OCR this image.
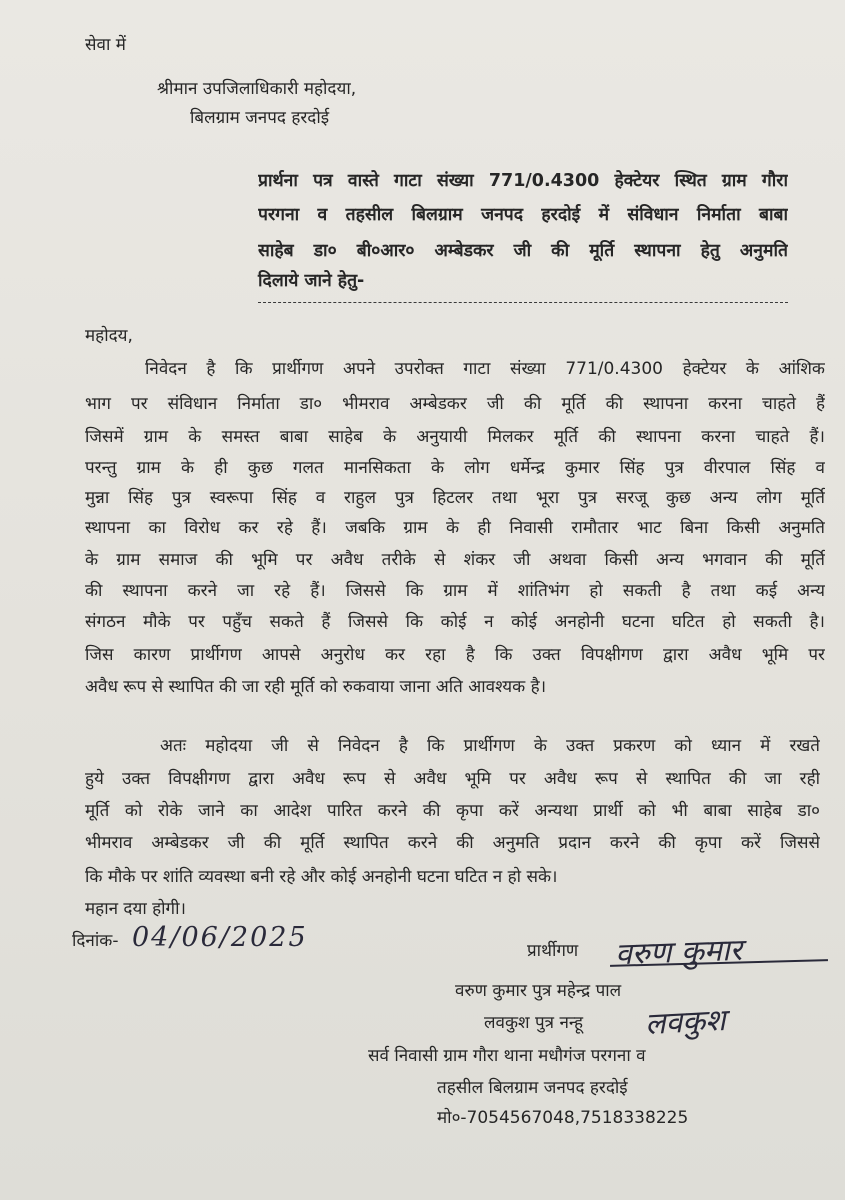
सेवा में
श्रीमान उपजिलाधिकारी महोदया,
बिलग्राम जनपद हरदोई
प्रार्थना पत्र वास्ते गाटा संख्या 771/0.4300 हेक्टेयर स्थित ग्राम गौरा
परगना व तहसील बिलग्राम जनपद हरदोई में संविधान निर्माता बाबा
साहेब डा० बी०आर० अम्बेडकर जी की मूर्ति स्थापना हेतु अनुमति
दिलाये जाने हेतु-
महोदय,
निवेदन है कि प्रार्थीगण अपने उपरोक्त गाटा संख्या 771/0.4300 हेक्टेयर के आंशिक
भाग पर संविधान निर्माता डा० भीमराव अम्बेडकर जी की मूर्ति की स्थापना करना चाहते हैं
जिसमें ग्राम के समस्त बाबा साहेब के अनुयायी मिलकर मूर्ति की स्थापना करना चाहते हैं।
परन्तु ग्राम के ही कुछ गलत मानसिकता के लोग धर्मेन्द्र कुमार सिंह पुत्र वीरपाल सिंह व
मुन्ना सिंह पुत्र स्वरूपा सिंह व राहुल पुत्र हिटलर तथा भूरा पुत्र सरजू कुछ अन्य लोग मूर्ति
स्थापना का विरोध कर रहे हैं। जबकि ग्राम के ही निवासी रामौतार भाट बिना किसी अनुमति
के ग्राम समाज की भूमि पर अवैध तरीके से शंकर जी अथवा किसी अन्य भगवान की मूर्ति
की स्थापना करने जा रहे हैं। जिससे कि ग्राम में शांतिभंग हो सकती है तथा कई अन्य
संगठन मौके पर पहुँच सकते हैं जिससे कि कोई न कोई अनहोनी घटना घटित हो सकती है।
जिस कारण प्रार्थीगण आपसे अनुरोध कर रहा है कि उक्त विपक्षीगण द्वारा अवैध भूमि पर
अवैध रूप से स्थापित की जा रही मूर्ति को रुकवाया जाना अति आवश्यक है।
अतः महोदया जी से निवेदन है कि प्रार्थीगण के उक्त प्रकरण को ध्यान में रखते
हुये उक्त विपक्षीगण द्वारा अवैध रूप से अवैध भूमि पर अवैध रूप से स्थापित की जा रही
मूर्ति को रोके जाने का आदेश पारित करने की कृपा करें अन्यथा प्रार्थी को भी बाबा साहेब डा०
भीमराव अम्बेडकर जी की मूर्ति स्थापित करने की अनुमति प्रदान करने की कृपा करें जिससे
कि मौके पर शांति व्यवस्था बनी रहे और कोई अनहोनी घटना घटित न हो सके।
महान दया होगी।
दिनांक- 04/06/2025	प्रार्थीगण वरुण कुमार
वरुण कुमार पुत्र महेन्द्र पाल
लवकुश पुत्र नन्हू लवकुश
सर्व निवासी ग्राम गौरा थाना मधौगंज परगना व
तहसील बिलग्राम जनपद हरदोई
मो०-7054567048,7518338225
